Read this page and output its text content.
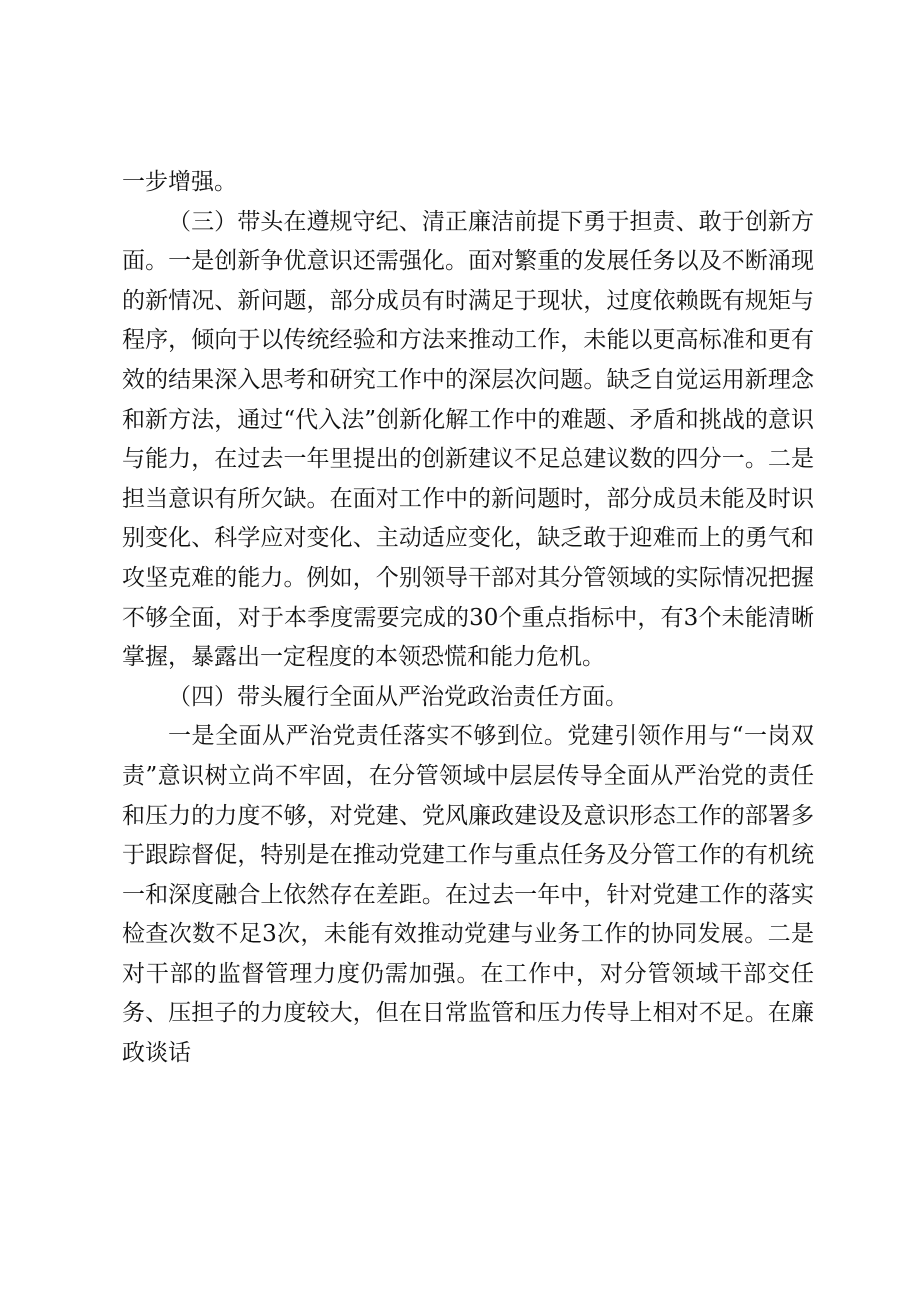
一步增强。

（三）带头在遵规守纪、清正廉洁前提下勇于担责、敢于创新方面。一是创新争优意识还需强化。面对繁重的发展任务以及不断涌现的新情况、新问题，部分成员有时满足于现状，过度依赖既有规矩与程序，倾向于以传统经验和方法来推动工作，未能以更高标准和更有效的结果深入思考和研究工作中的深层次问题。缺乏自觉运用新理念和新方法，通过“代入法”创新化解工作中的难题、矛盾和挑战的意识与能力，在过去一年里提出的创新建议不足总建议数的四分一。二是担当意识有所欠缺。在面对工作中的新问题时，部分成员未能及时识别变化、科学应对变化、主动适应变化，缺乏敢于迎难而上的勇气和攻坚克难的能力。例如，个别领导干部对其分管领域的实际情况把握不够全面，对于本季度需要完成的30个重点指标中，有3个未能清晰掌握，暴露出一定程度的本领恐慌和能力危机。

（四）带头履行全面从严治党政治责任方面。

一是全面从严治党责任落实不够到位。党建引领作用与“一岗双责”意识树立尚不牢固，在分管领域中层层传导全面从严治党的责任和压力的力度不够，对党建、党风廉政建设及意识形态工作的部署多于跟踪督促，特别是在推动党建工作与重点任务及分管工作的有机统一和深度融合上依然存在差距。在过去一年中，针对党建工作的落实检查次数不足3次，未能有效推动党建与业务工作的协同发展。二是对干部的监督管理力度仍需加强。在工作中，对分管领域干部交任务、压担子的力度较大，但在日常监管和压力传导上相对不足。在廉政谈话
